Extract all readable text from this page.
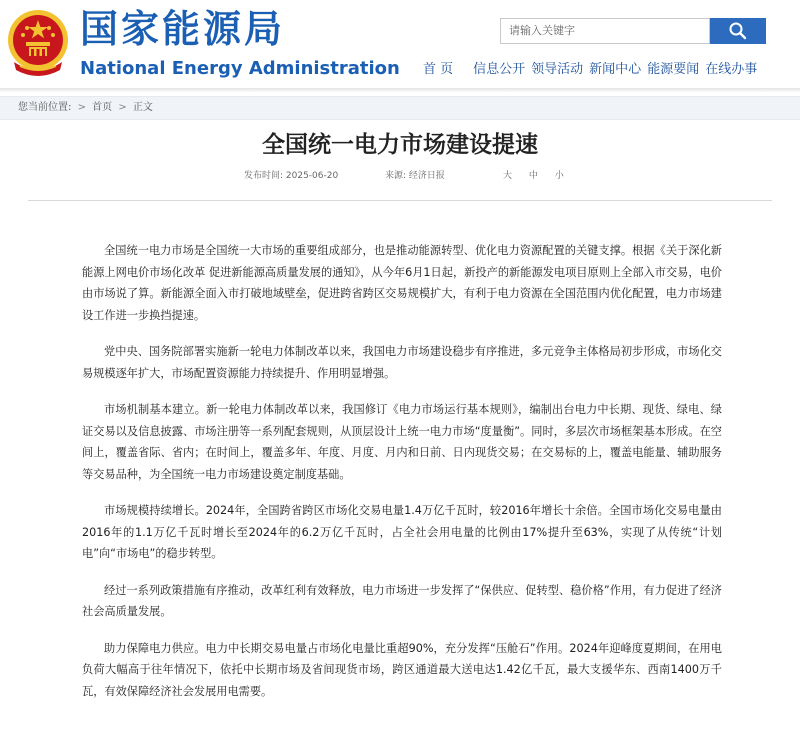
国家能源局
National Energy Administration
请输入关键字
首 页 信息公开 领导活动 新闻中心 能源要闻 在线办事
您当前位置: > 首页 > 正文
全国统一电力市场建设提速
发布时间: 2025-06-20	来源: 经济日报	大 中 小

全国统一电力市场是全国统一大市场的重要组成部分，也是推动能源转型、优化电力资源配置的关键支撑。根据《关于深化新能源上网电价市场化改革 促进新能源高质量发展的通知》，从今年6月1日起，新投产的新能源发电项目原则上全部入市交易，电价由市场说了算。新能源全面入市打破地域壁垒，促进跨省跨区交易规模扩大，有利于电力资源在全国范围内优化配置，电力市场建设工作进一步换挡提速。

党中央、国务院部署实施新一轮电力体制改革以来，我国电力市场建设稳步有序推进，多元竞争主体格局初步形成，市场化交易规模逐年扩大，市场配置资源能力持续提升、作用明显增强。

市场机制基本建立。新一轮电力体制改革以来，我国修订《电力市场运行基本规则》，编制出台电力中长期、现货、绿电、绿证交易以及信息披露、市场注册等一系列配套规则，从顶层设计上统一电力市场“度量衡”。同时，多层次市场框架基本形成。在空间上，覆盖省际、省内；在时间上，覆盖多年、年度、月度、月内和日前、日内现货交易；在交易标的上，覆盖电能量、辅助服务等交易品种，为全国统一电力市场建设奠定制度基础。

市场规模持续增长。2024年，全国跨省跨区市场化交易电量1.4万亿千瓦时，较2016年增长十余倍。全国市场化交易电量由2016年的1.1万亿千瓦时增长至2024年的6.2万亿千瓦时，占全社会用电量的比例由17%提升至63%，实现了从传统“计划电”向“市场电”的稳步转型。

经过一系列政策措施有序推动，改革红利有效释放，电力市场进一步发挥了“保供应、促转型、稳价格”作用，有力促进了经济社会高质量发展。

助力保障电力供应。电力中长期交易电量占市场化电量比重超90%，充分发挥“压舱石”作用。2024年迎峰度夏期间，在用电负荷大幅高于往年情况下，依托中长期市场及省间现货市场，跨区通道最大送电达1.42亿千瓦，最大支援华东、西南1400万千瓦，有效保障经济社会发展用电需要。
